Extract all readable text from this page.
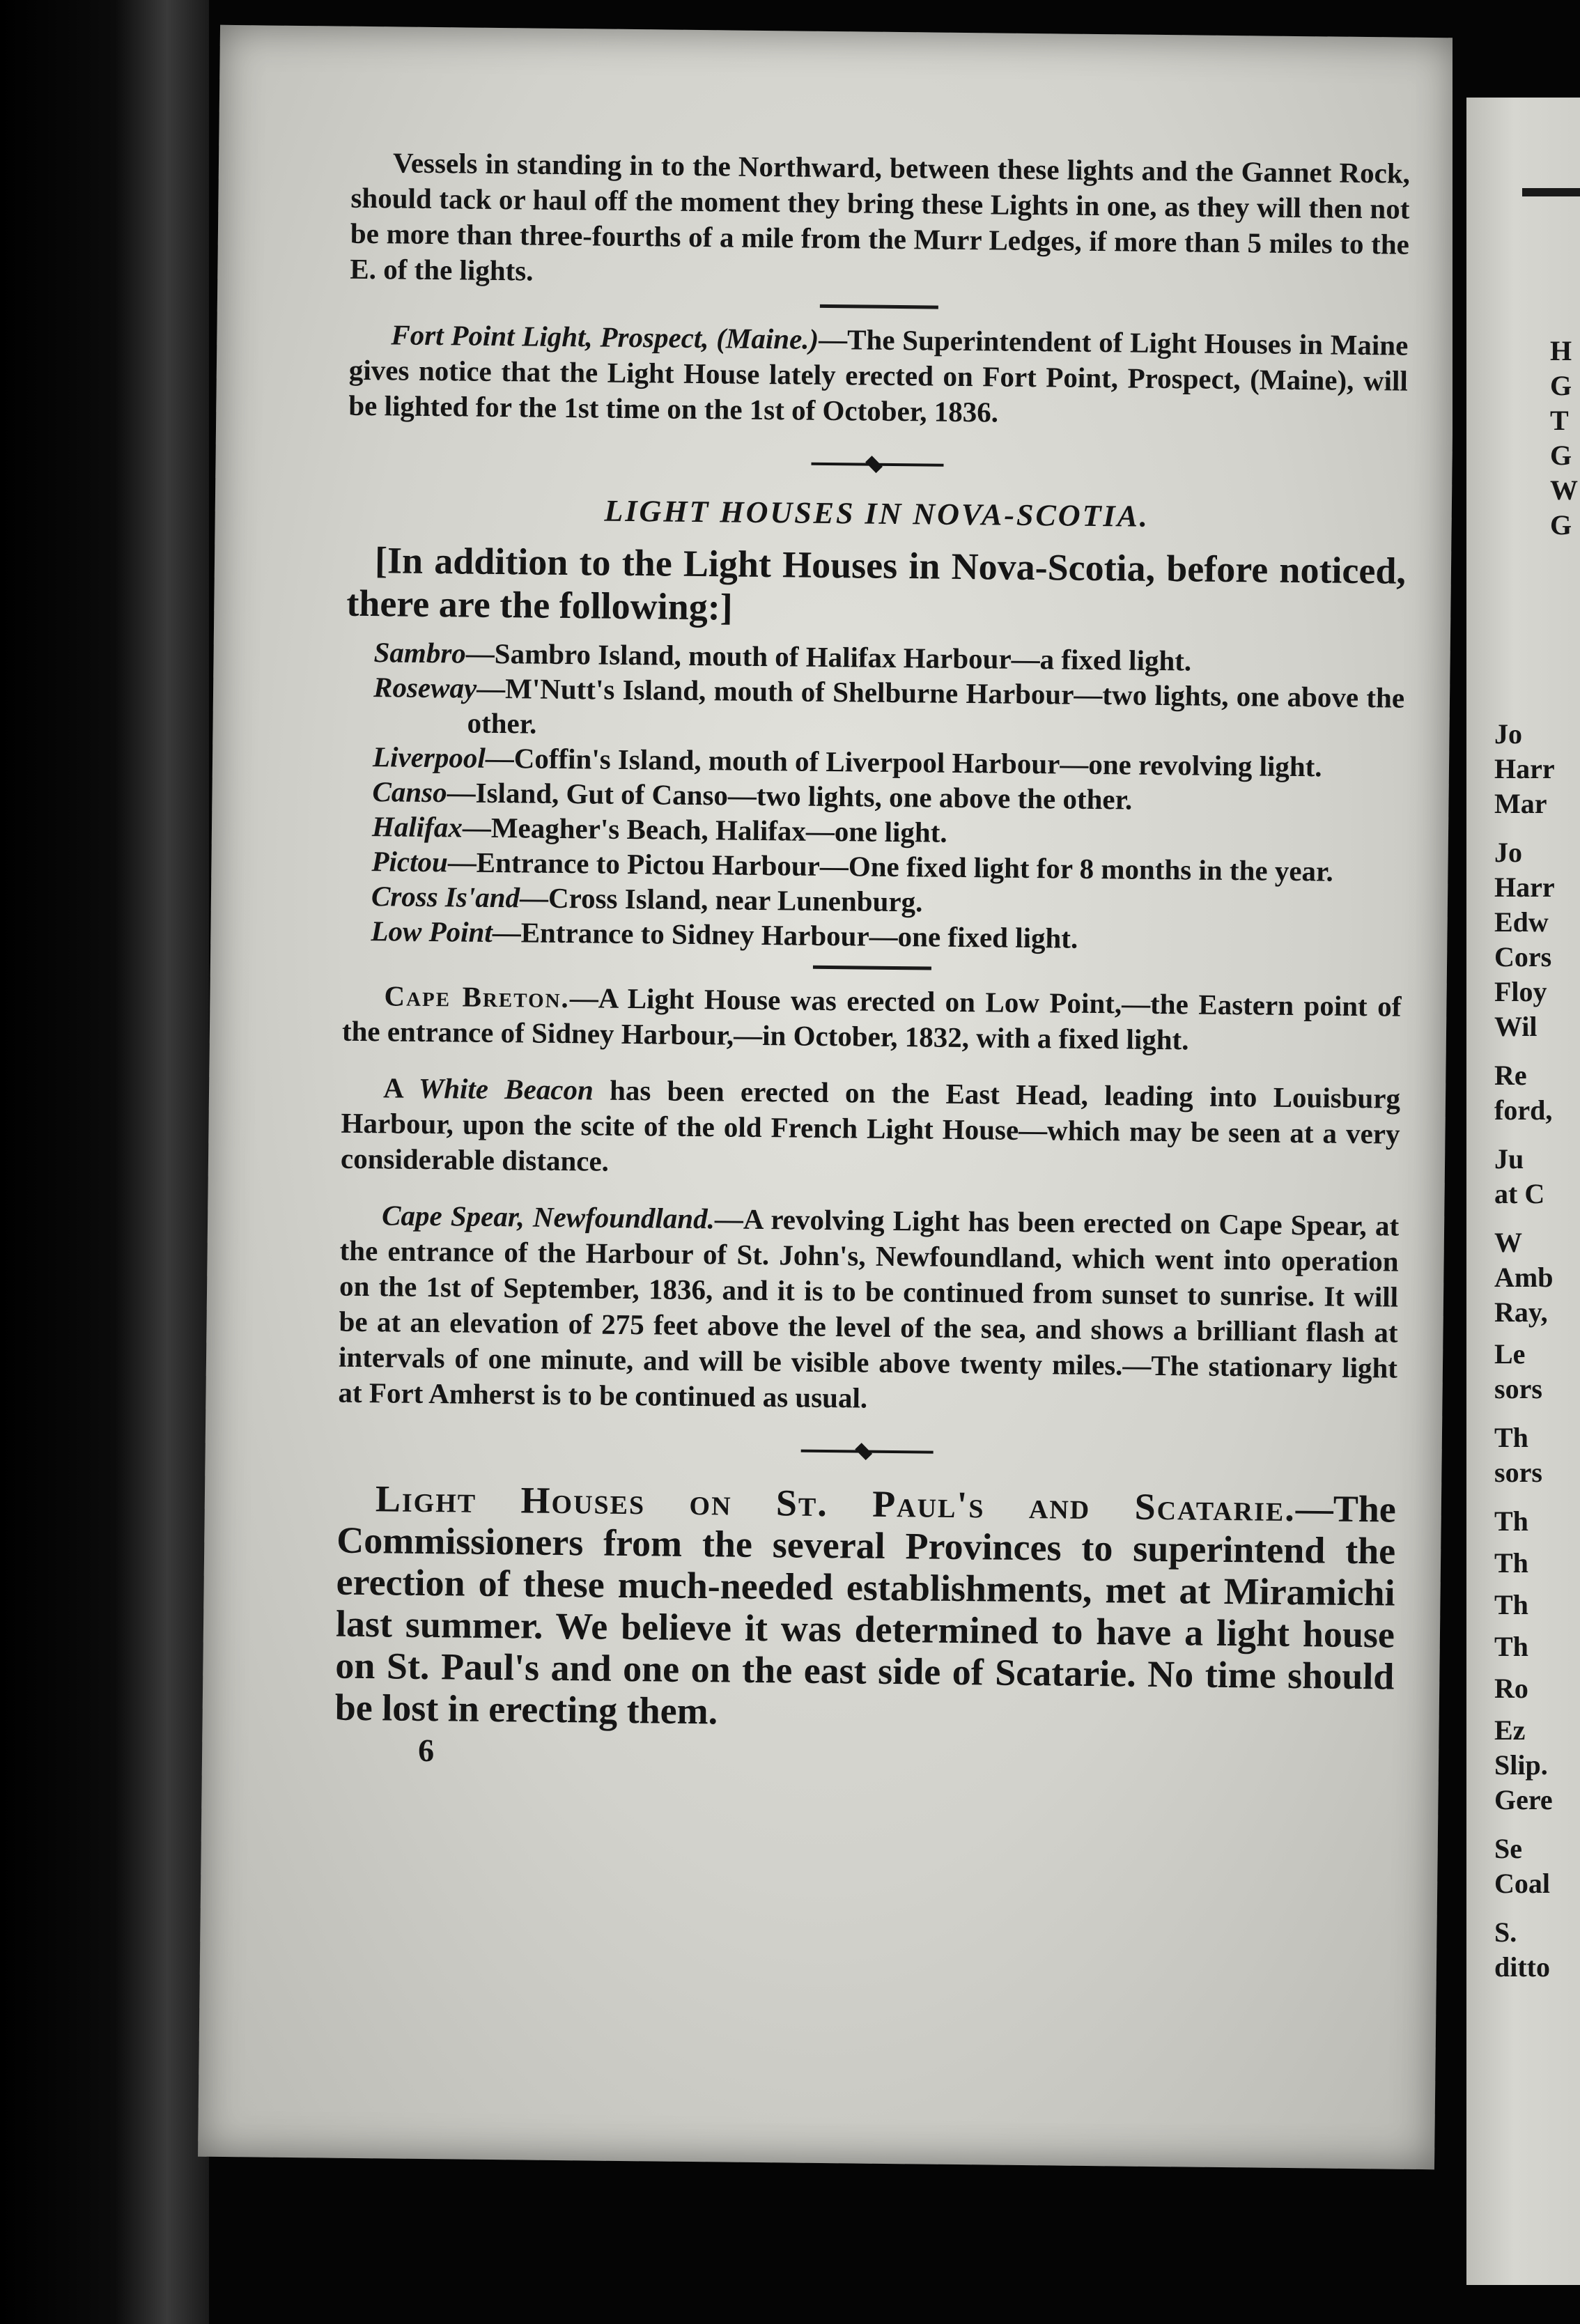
Vessels in standing in to the Northward, between these lights and the Gannet Rock, should tack or haul off the moment they bring these Lights in one, as they will then not be more than three-fourths of a mile from the Murr Ledges, if more than 5 miles to the E. of the lights.

Fort Point Light, Prospect, (Maine.)—The Superintendent of Light Houses in Maine gives notice that the Light House lately erected on Fort Point, Prospect, (Maine), will be lighted for the 1st time on the 1st of October, 1836.

LIGHT HOUSES IN NOVA-SCOTIA.

[In addition to the Light Houses in Nova-Scotia, before noticed, there are the following:]

Sambro—Sambro Island, mouth of Halifax Harbour—a fixed light.

Roseway—M'Nutt's Island, mouth of Shelburne Harbour—two lights, one above the other.

Liverpool—Coffin's Island, mouth of Liverpool Harbour—one revolving light.

Canso—Island, Gut of Canso—two lights, one above the other.

Halifax—Meagher's Beach, Halifax—one light.

Pictou—Entrance to Pictou Harbour—One fixed light for 8 months in the year.

Cross Is'and—Cross Island, near Lunenburg.

Low Point—Entrance to Sidney Harbour—one fixed light.

Cape Breton.—A Light House was erected on Low Point,—the Eastern point of the entrance of Sidney Harbour,—in October, 1832, with a fixed light.

A White Beacon has been erected on the East Head, leading into Louisburg Harbour, upon the scite of the old French Light House—which may be seen at a very considerable distance.

Cape Spear, Newfoundland.—A revolving Light has been erected on Cape Spear, at the entrance of the Harbour of St. John's, Newfoundland, which went into operation on the 1st of September, 1836, and it is to be continued from sunset to sunrise. It will be at an elevation of 275 feet above the level of the sea, and shows a brilliant flash at intervals of one minute, and will be visible above twenty miles.—The stationary light at Fort Amherst is to be continued as usual.

Light Houses on St. Paul's and Scatarie.—The Commissioners from the several Provinces to superintend the erection of these much-needed establishments, met at Miramichi last summer. We believe it was determined to have a light house on St. Paul's and one on the east side of Scatarie. No time should be lost in erecting them.

6

H
G
T
G
W
G
Jo
Harr
Mar
Jo
Harr
Edw
Cors
Floy
Wil
Re
ford,
Ju
at C
W
Amb
Ray,
Le
sors
Th
sors
Th
Th
Th
Th
Ro
Ez
Slip.
Gere
Se
Coal
S.
ditto
